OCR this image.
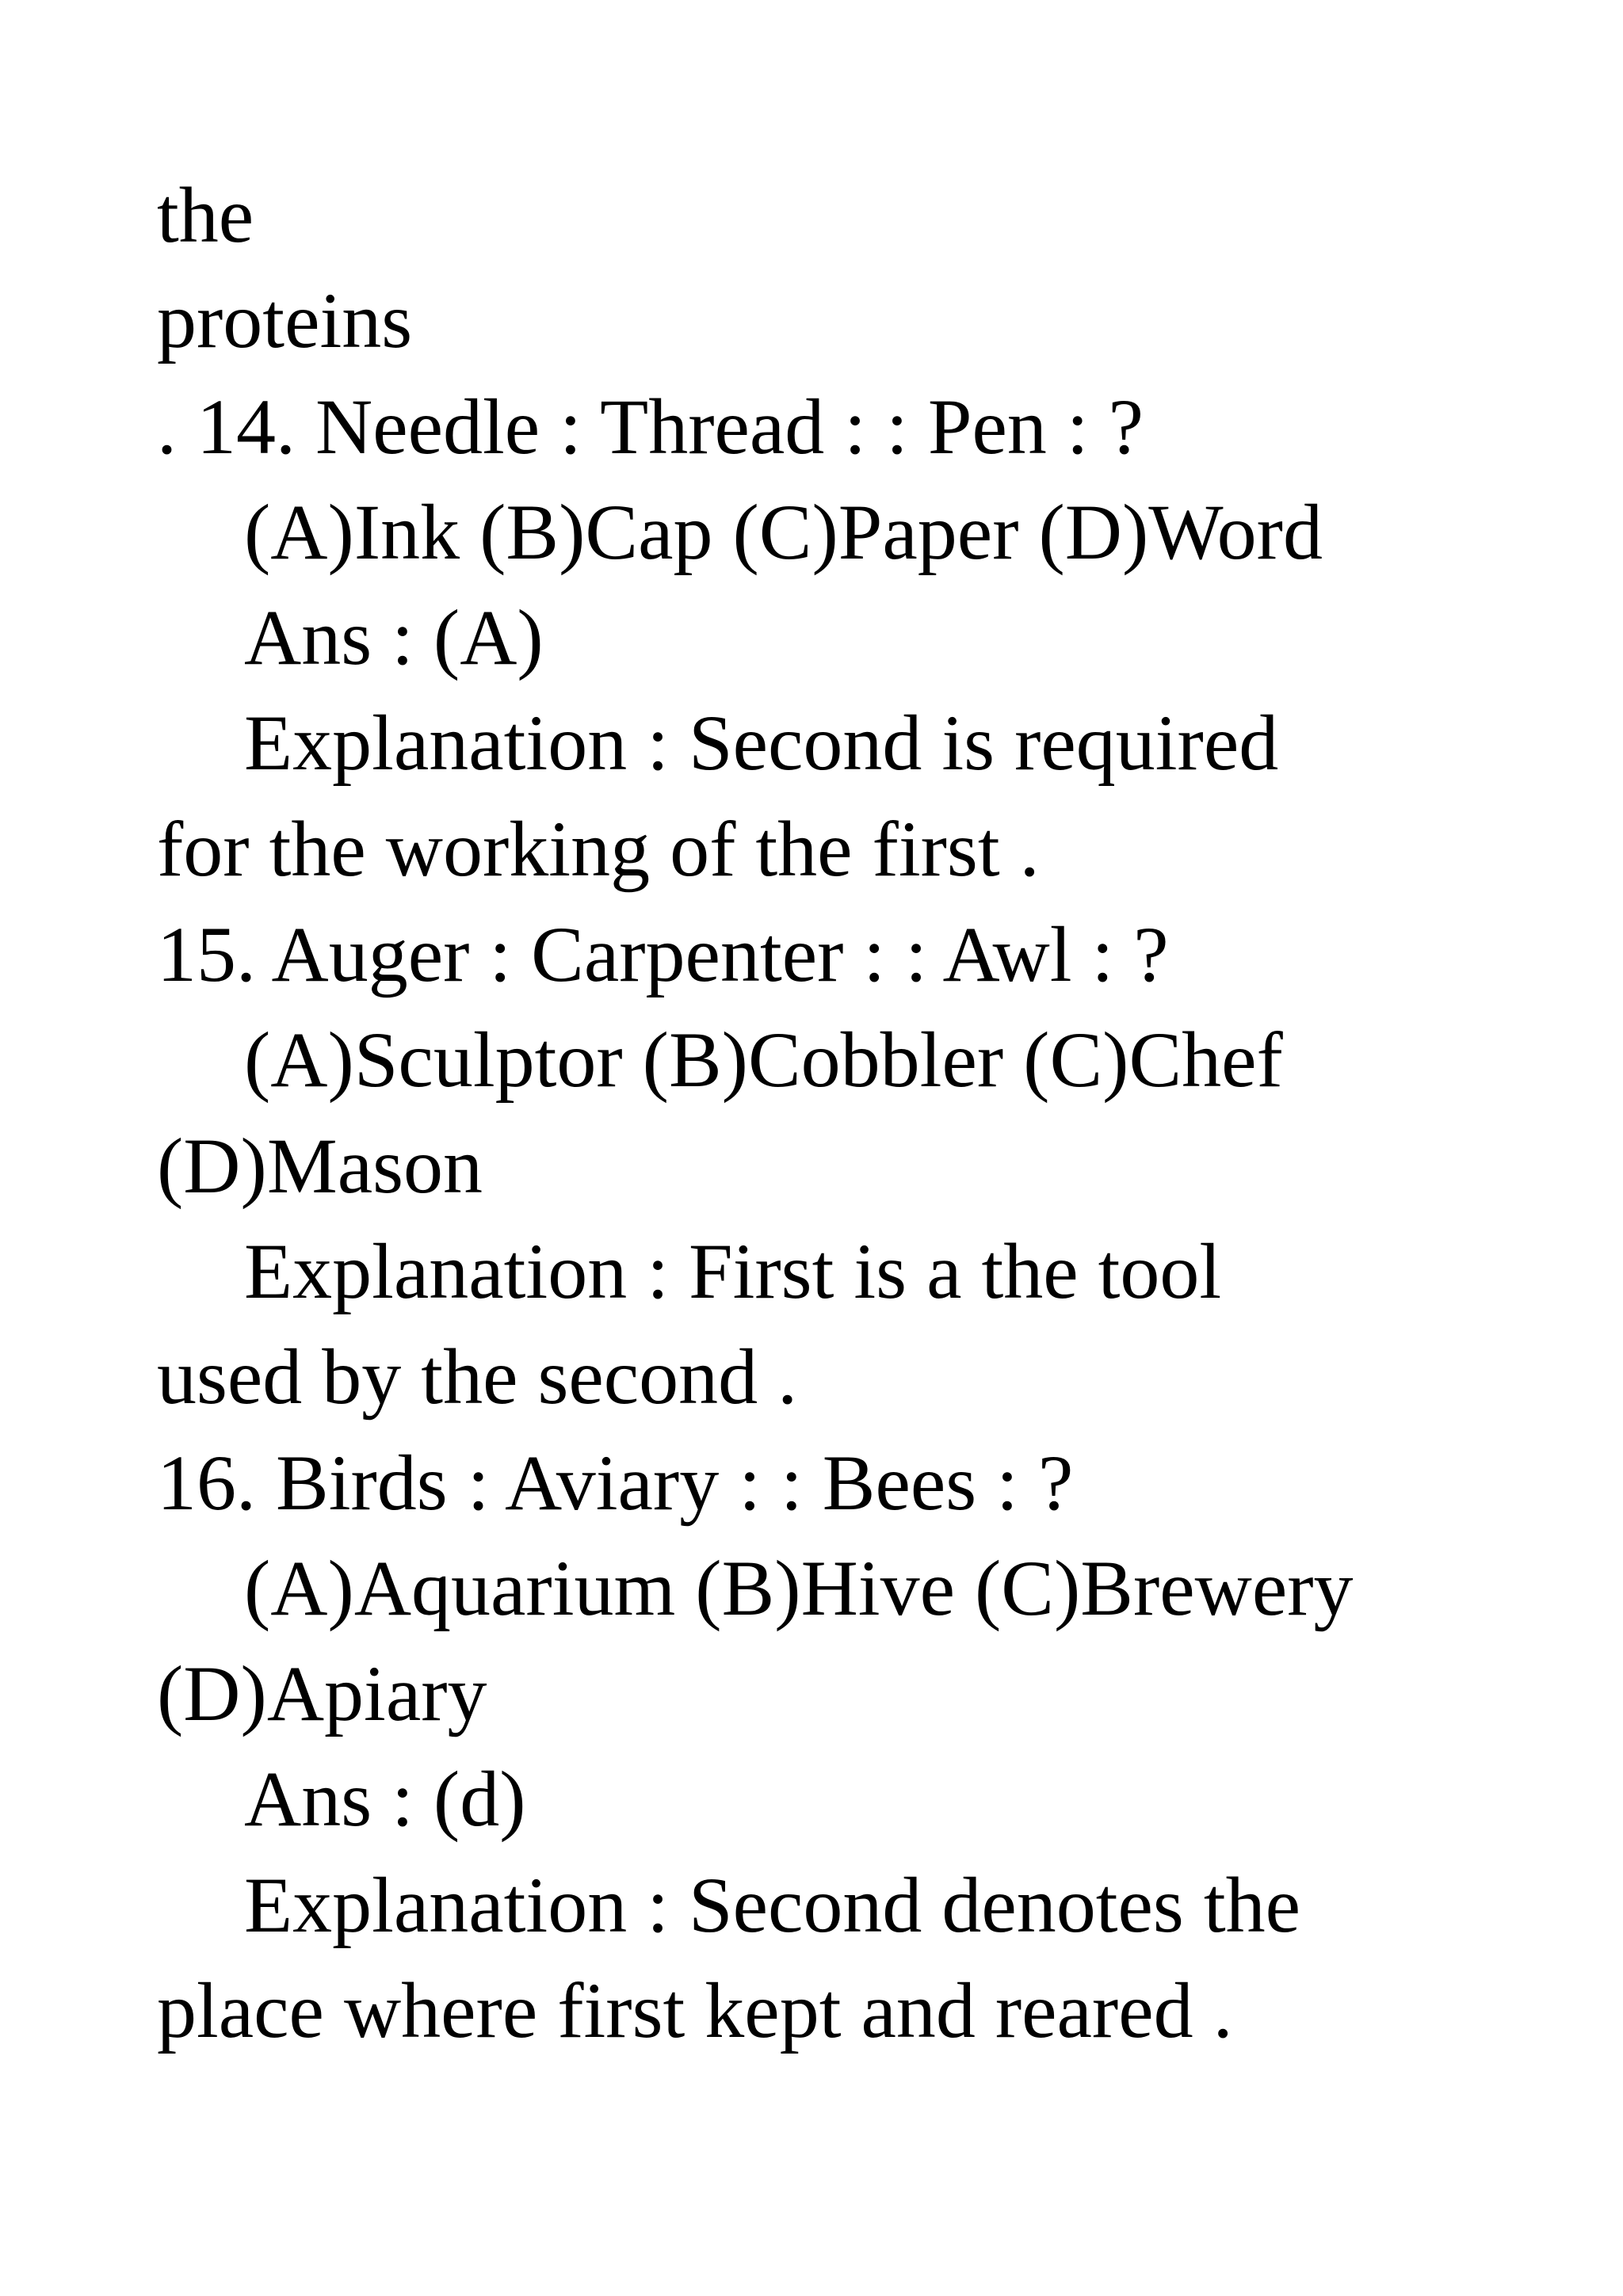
the
proteins
. 14. Needle : Thread : : Pen : ?
(A)Ink (B)Cap (C)Paper (D)Word
Ans : (A)
Explanation : Second is required
for the working of the first .
15. Auger : Carpenter : : Awl : ?
(A)Sculptor (B)Cobbler (C)Chef
(D)Mason
Explanation : First is a the tool
used by the second .
16. Birds : Aviary : : Bees : ?
(A)Aquarium (B)Hive (C)Brewery
(D)Apiary
Ans : (d)
Explanation : Second denotes the
place where first kept and reared .
